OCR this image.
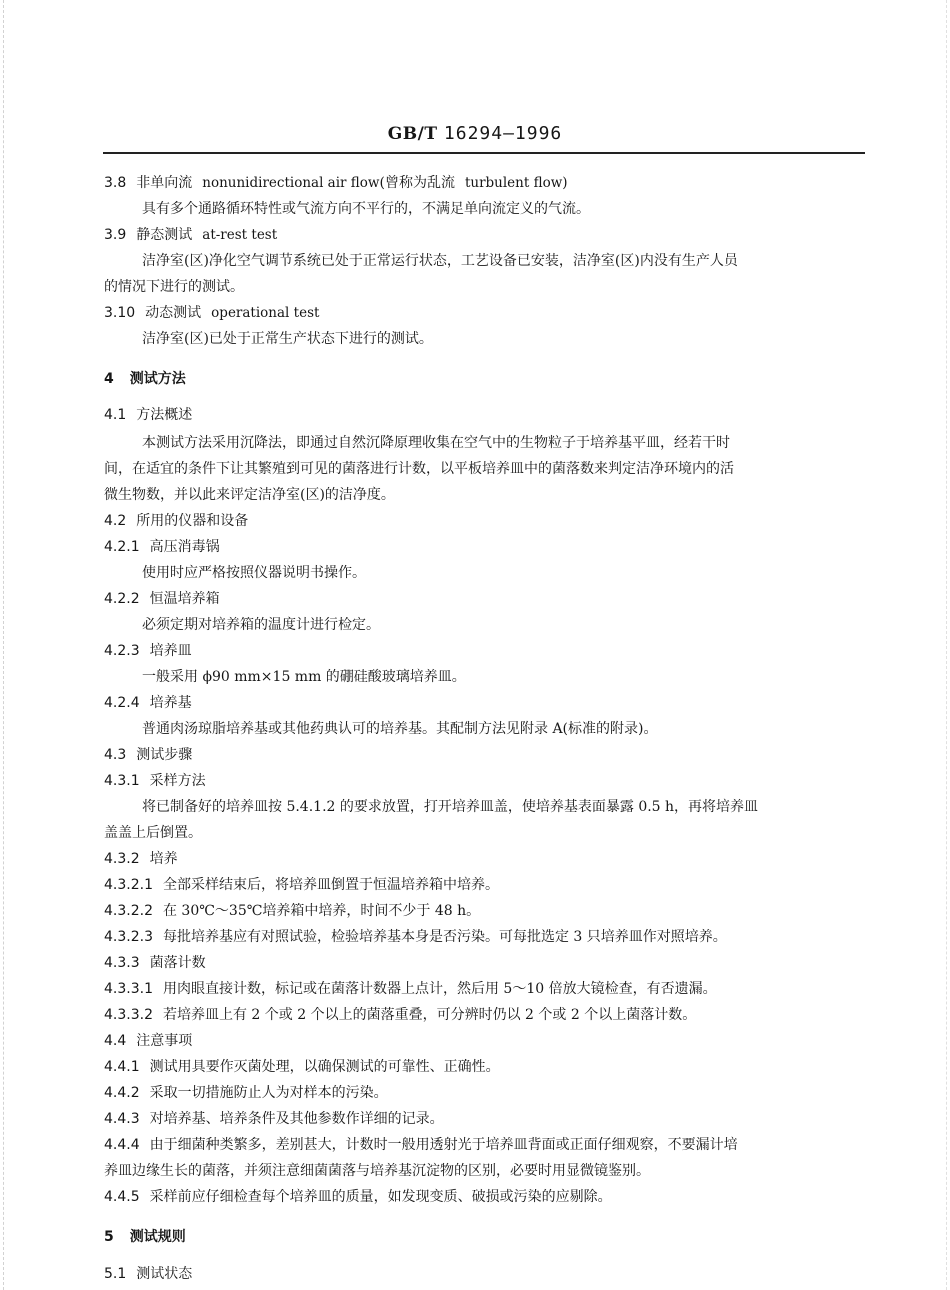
GB/T 16294—1996
3.8 非单向流 nonunidirectional air flow(曾称为乱流 turbulent flow)
具有多个通路循环特性或气流方向不平行的，不满足单向流定义的气流。
3.9 静态测试 at-rest test
洁净室(区)净化空气调节系统已处于正常运行状态，工艺设备已安装，洁净室(区)内没有生产人员
的情况下进行的测试。
3.10 动态测试 operational test
洁净室(区)已处于正常生产状态下进行的测试。
4 测试方法
4.1 方法概述
本测试方法采用沉降法，即通过自然沉降原理收集在空气中的生物粒子于培养基平皿，经若干时
间，在适宜的条件下让其繁殖到可见的菌落进行计数，以平板培养皿中的菌落数来判定洁净环境内的活
微生物数，并以此来评定洁净室(区)的洁净度。
4.2 所用的仪器和设备
4.2.1 高压消毒锅
使用时应严格按照仪器说明书操作。
4.2.2 恒温培养箱
必须定期对培养箱的温度计进行检定。
4.2.3 培养皿
一般采用 ϕ90 mm×15 mm 的硼硅酸玻璃培养皿。
4.2.4 培养基
普通肉汤琼脂培养基或其他药典认可的培养基。其配制方法见附录 A(标准的附录)。
4.3 测试步骤
4.3.1 采样方法
将已制备好的培养皿按 5.4.1.2 的要求放置，打开培养皿盖，使培养基表面暴露 0.5 h，再将培养皿
盖盖上后倒置。
4.3.2 培养
4.3.2.1 全部采样结束后，将培养皿倒置于恒温培养箱中培养。
4.3.2.2 在 30℃～35℃培养箱中培养，时间不少于 48 h。
4.3.2.3 每批培养基应有对照试验，检验培养基本身是否污染。可每批选定 3 只培养皿作对照培养。
4.3.3 菌落计数
4.3.3.1 用肉眼直接计数，标记或在菌落计数器上点计，然后用 5～10 倍放大镜检查，有否遗漏。
4.3.3.2 若培养皿上有 2 个或 2 个以上的菌落重叠，可分辨时仍以 2 个或 2 个以上菌落计数。
4.4 注意事项
4.4.1 测试用具要作灭菌处理，以确保测试的可靠性、正确性。
4.4.2 采取一切措施防止人为对样本的污染。
4.4.3 对培养基、培养条件及其他参数作详细的记录。
4.4.4 由于细菌种类繁多，差别甚大，计数时一般用透射光于培养皿背面或正面仔细观察，不要漏计培
养皿边缘生长的菌落，并须注意细菌菌落与培养基沉淀物的区别，必要时用显微镜鉴别。
4.4.5 采样前应仔细检查每个培养皿的质量，如发现变质、破损或污染的应剔除。
5 测试规则
5.1 测试状态
